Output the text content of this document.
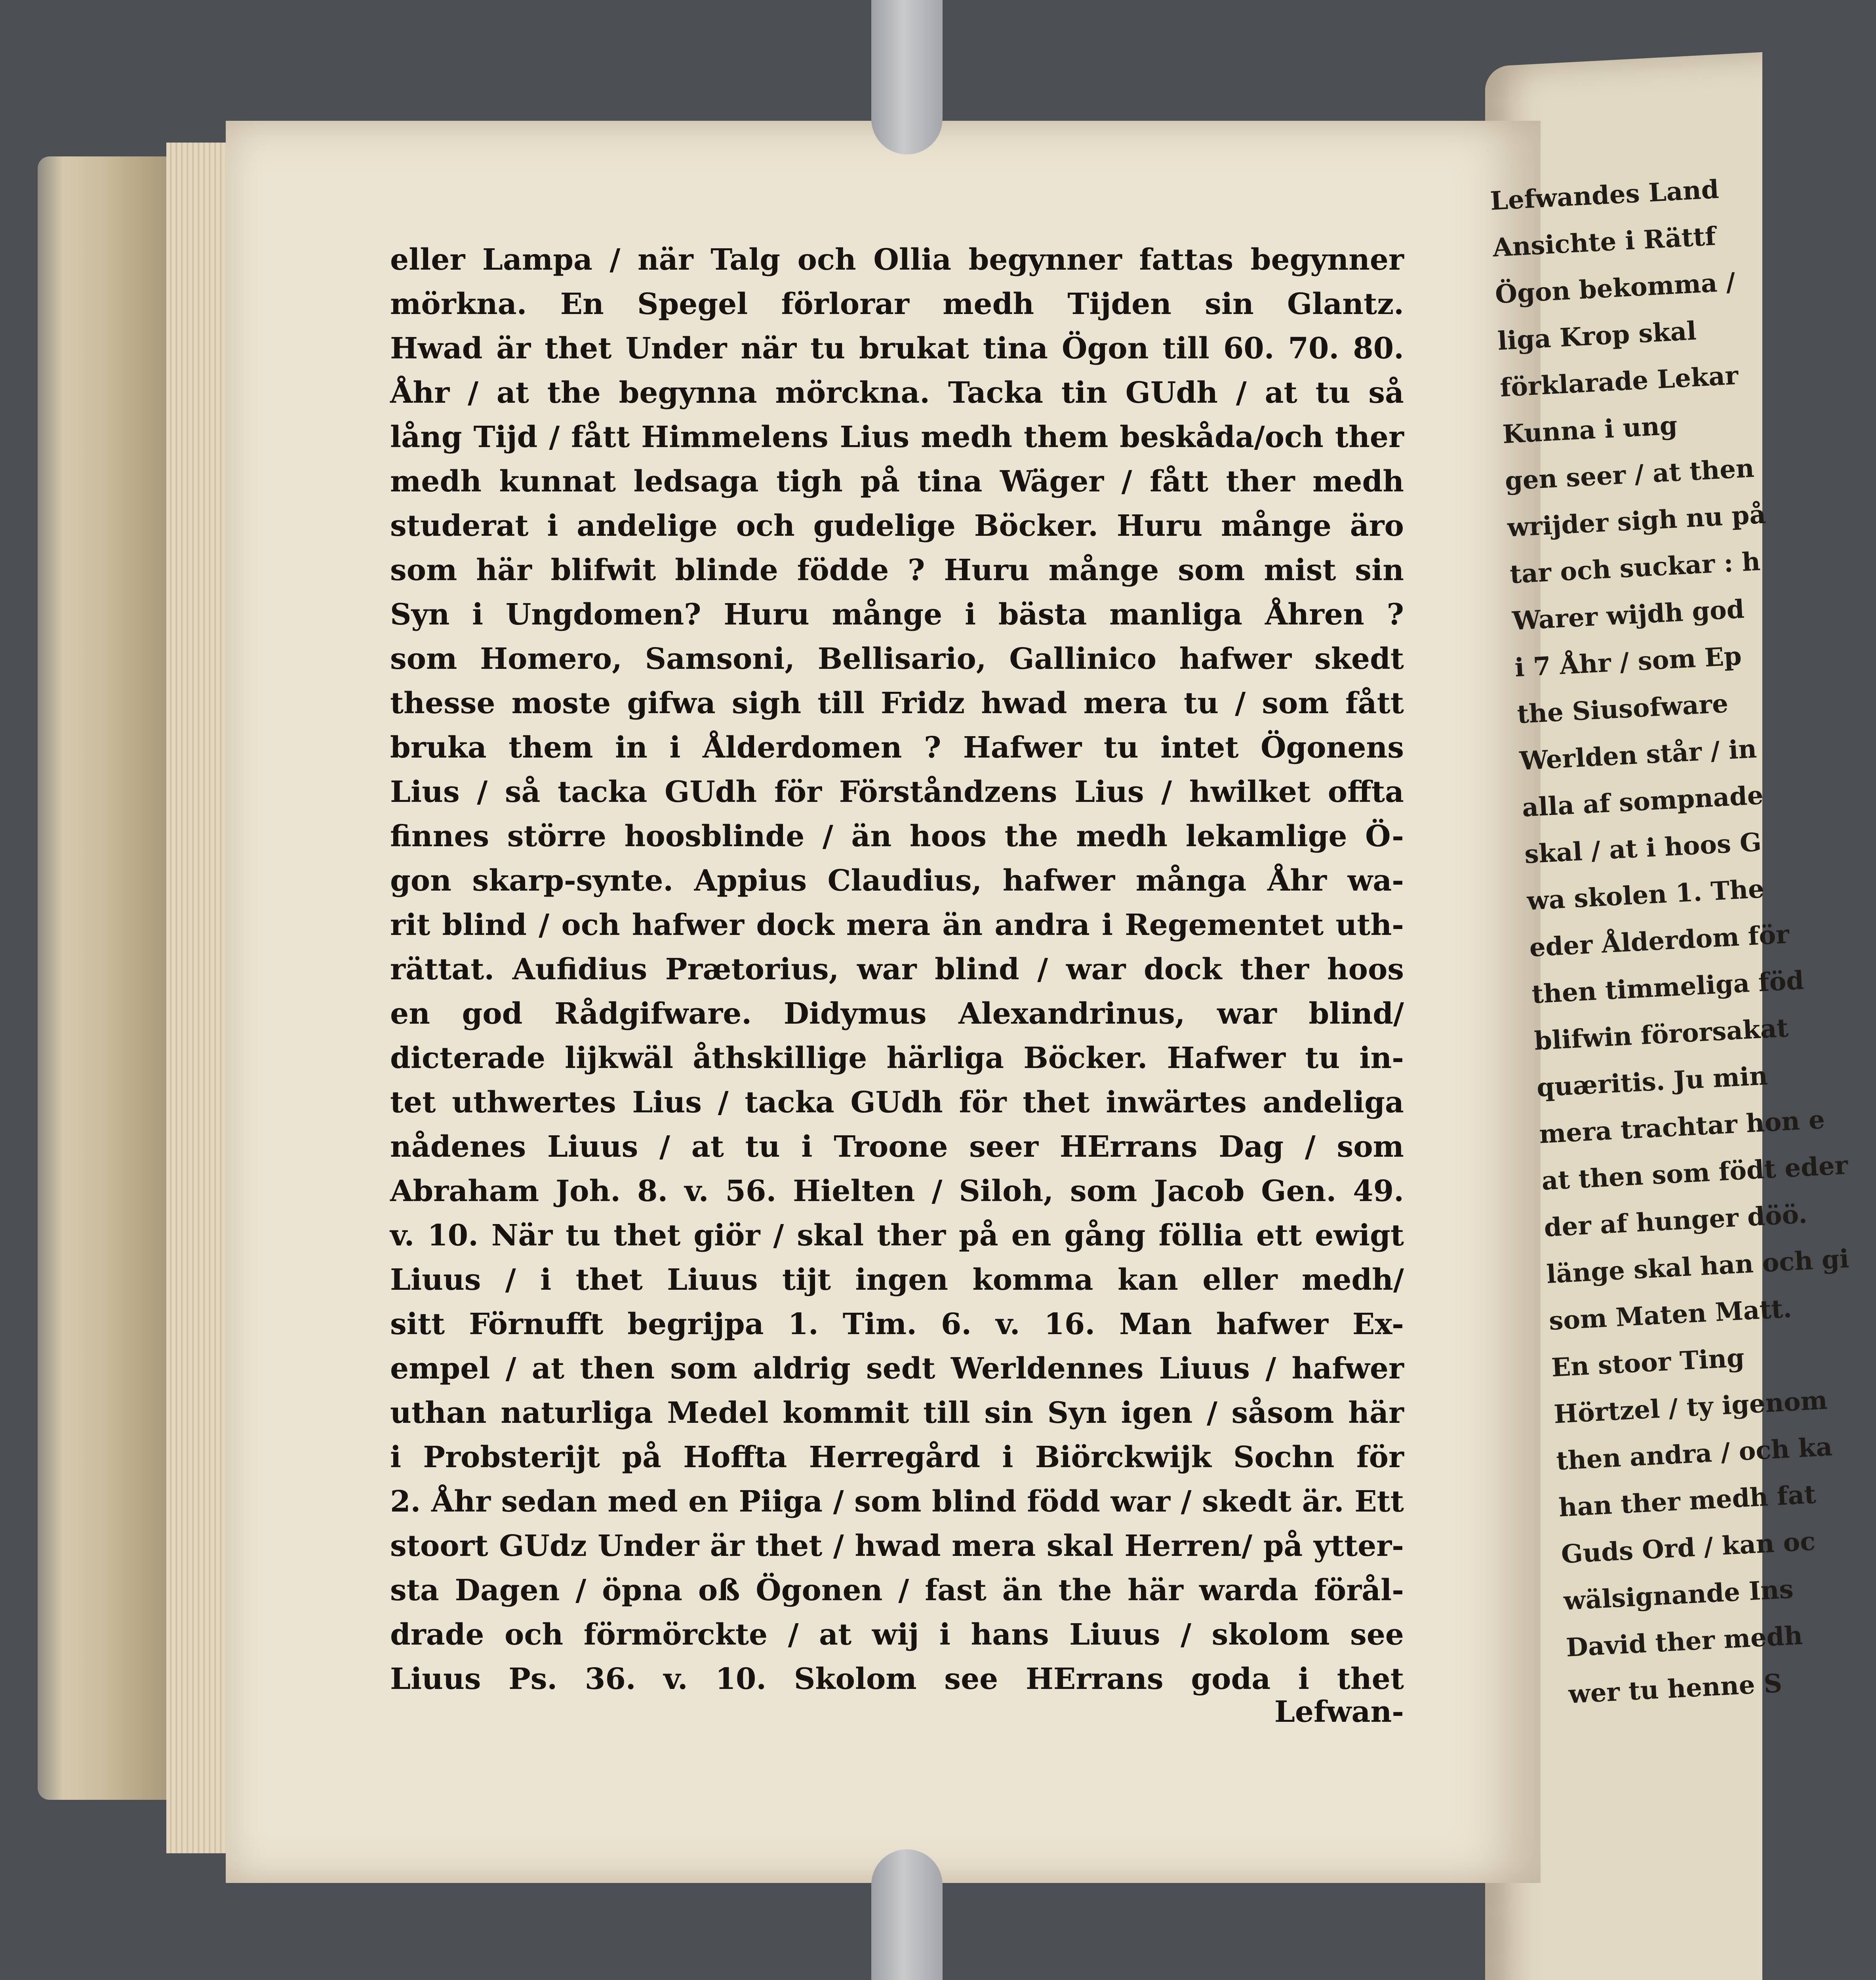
eller Lampa / när Talg och Ollia begynner fattas begynner
mörkna. En Spegel förlorar medh Tijden sin Glantz.
Hwad är thet Under när tu brukat tina Ögon till 60. 70. 80.
Åhr / at the begynna mörckna. Tacka tin GUdh / at tu så
lång Tijd / fått Himmelens Lius medh them beskåda/och ther
medh kunnat ledsaga tigh på tina Wäger / fått ther medh
studerat i andelige och gudelige Böcker. Huru månge äro
som här blifwit blinde födde ? Huru månge som mist sin
Syn i Ungdomen? Huru månge i bästa manliga Åhren ?
som Homero, Samsoni, Bellisario, Gallinico hafwer skedt
thesse moste gifwa sigh till Fridz hwad mera tu / som fått
bruka them in i Ålderdomen ? Hafwer tu intet Ögonens
Lius / så tacka GUdh för Förståndzens Lius / hwilket offta
finnes större hoosblinde / än hoos the medh lekamlige Ö-
gon skarp-synte. Appius Claudius, hafwer många Åhr wa-
rit blind / och hafwer dock mera än andra i Regementet uth-
rättat. Aufidius Prætorius, war blind / war dock ther hoos
en god Rådgifware. Didymus Alexandrinus, war blind/
dicterade lijkwäl åthskillige härliga Böcker. Hafwer tu in-
tet uthwertes Lius / tacka GUdh för thet inwärtes andeliga
nådenes Liuus / at tu i Troone seer HErrans Dag / som
Abraham Joh. 8. v. 56. Hielten / Siloh, som Jacob Gen. 49.
v. 10. När tu thet giör / skal ther på en gång föllia ett ewigt
Liuus / i thet Liuus tijt ingen komma kan eller medh/
sitt Förnufft begrijpa 1. Tim. 6. v. 16. Man hafwer Ex-
empel / at then som aldrig sedt Werldennes Liuus / hafwer
uthan naturliga Medel kommit till sin Syn igen / såsom här
i Probsterijt på Hoffta Herregård i Biörckwijk Sochn för
2. Åhr sedan med en Piiga / som blind född war / skedt är. Ett
stoort GUdz Under är thet / hwad mera skal Herren/ på ytter-
sta Dagen / öpna oß Ögonen / fast än the här warda förål-
drade och förmörckte / at wij i hans Liuus / skolom see
Liuus Ps. 36. v. 10. Skolom see HErrans goda i thet
Lefwan-
Lefwandes Land
Ansichte i Rättf
Ögon bekomma /
liga Krop skal
förklarade Lekar
Kunna i ung
gen seer / at then
wrijder sigh nu på
tar och suckar : h
Warer wijdh god
i 7 Åhr / som Ep
the Siusofware
Werlden står / in
alla af sompnade
skal / at i hoos G
wa skolen 1. The
eder Ålderdom för
then timmeliga föd
blifwin förorsakat
quæritis. Ju min
mera trachtar hon e
at then som födt eder
der af hunger döö.
länge skal han och gi
som Maten Matt.
En stoor Ting
Hörtzel / ty igenom
then andra / och ka
han ther medh fat
Guds Ord / kan oc
wälsignande Ins
David ther medh
wer tu henne S
